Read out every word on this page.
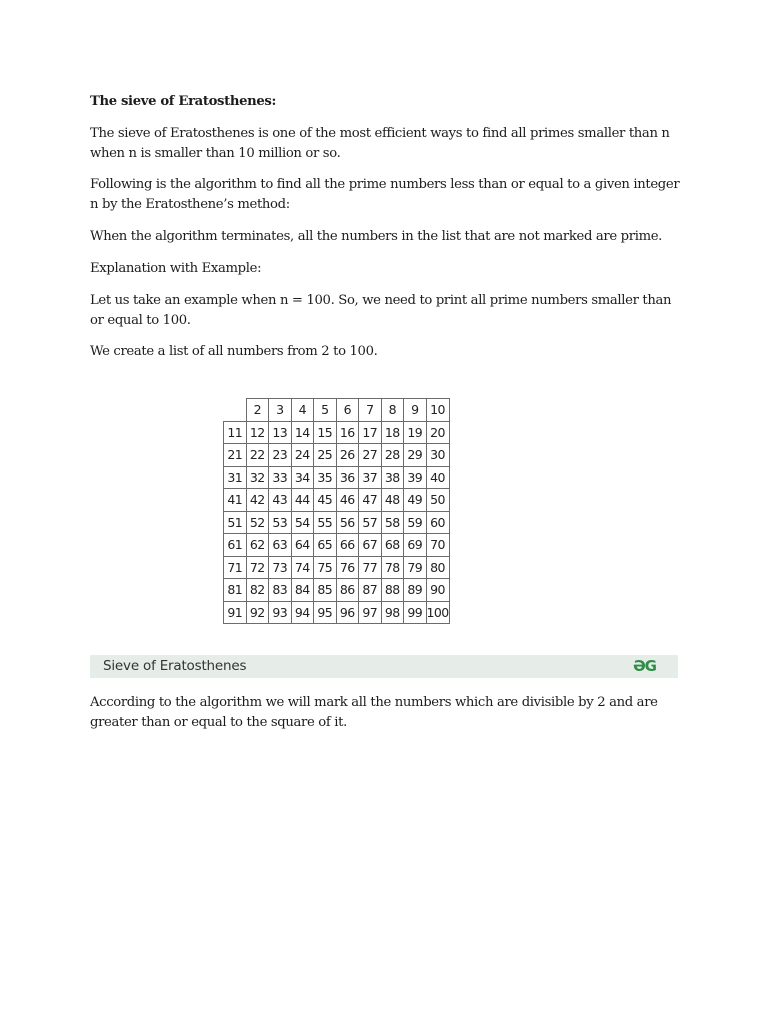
The sieve of Eratosthenes:

The sieve of Eratosthenes is one of the most efficient ways to find all primes smaller than n when n is smaller than 10 million or so.

Following is the algorithm to find all the prime numbers less than or equal to a given integer n by the Eratosthene’s method:

When the algorithm terminates, all the numbers in the list that are not marked are prime.

Explanation with Example:

Let us take an example when n = 100. So, we need to print all prime numbers smaller than or equal to 100.

We create a list of all numbers from 2 to 100.

	2	3	4	5	6	7	8	9	10
11	12	13	14	15	16	17	18	19	20
21	22	23	24	25	26	27	28	29	30
31	32	33	34	35	36	37	38	39	40
41	42	43	44	45	46	47	48	49	50
51	52	53	54	55	56	57	58	59	60
61	62	63	64	65	66	67	68	69	70
71	72	73	74	75	76	77	78	79	80
81	82	83	84	85	86	87	88	89	90
91	92	93	94	95	96	97	98	99	100
Sieve of Eratosthenes	ƏG

According to the algorithm we will mark all the numbers which are divisible by 2 and are greater than or equal to the square of it.
